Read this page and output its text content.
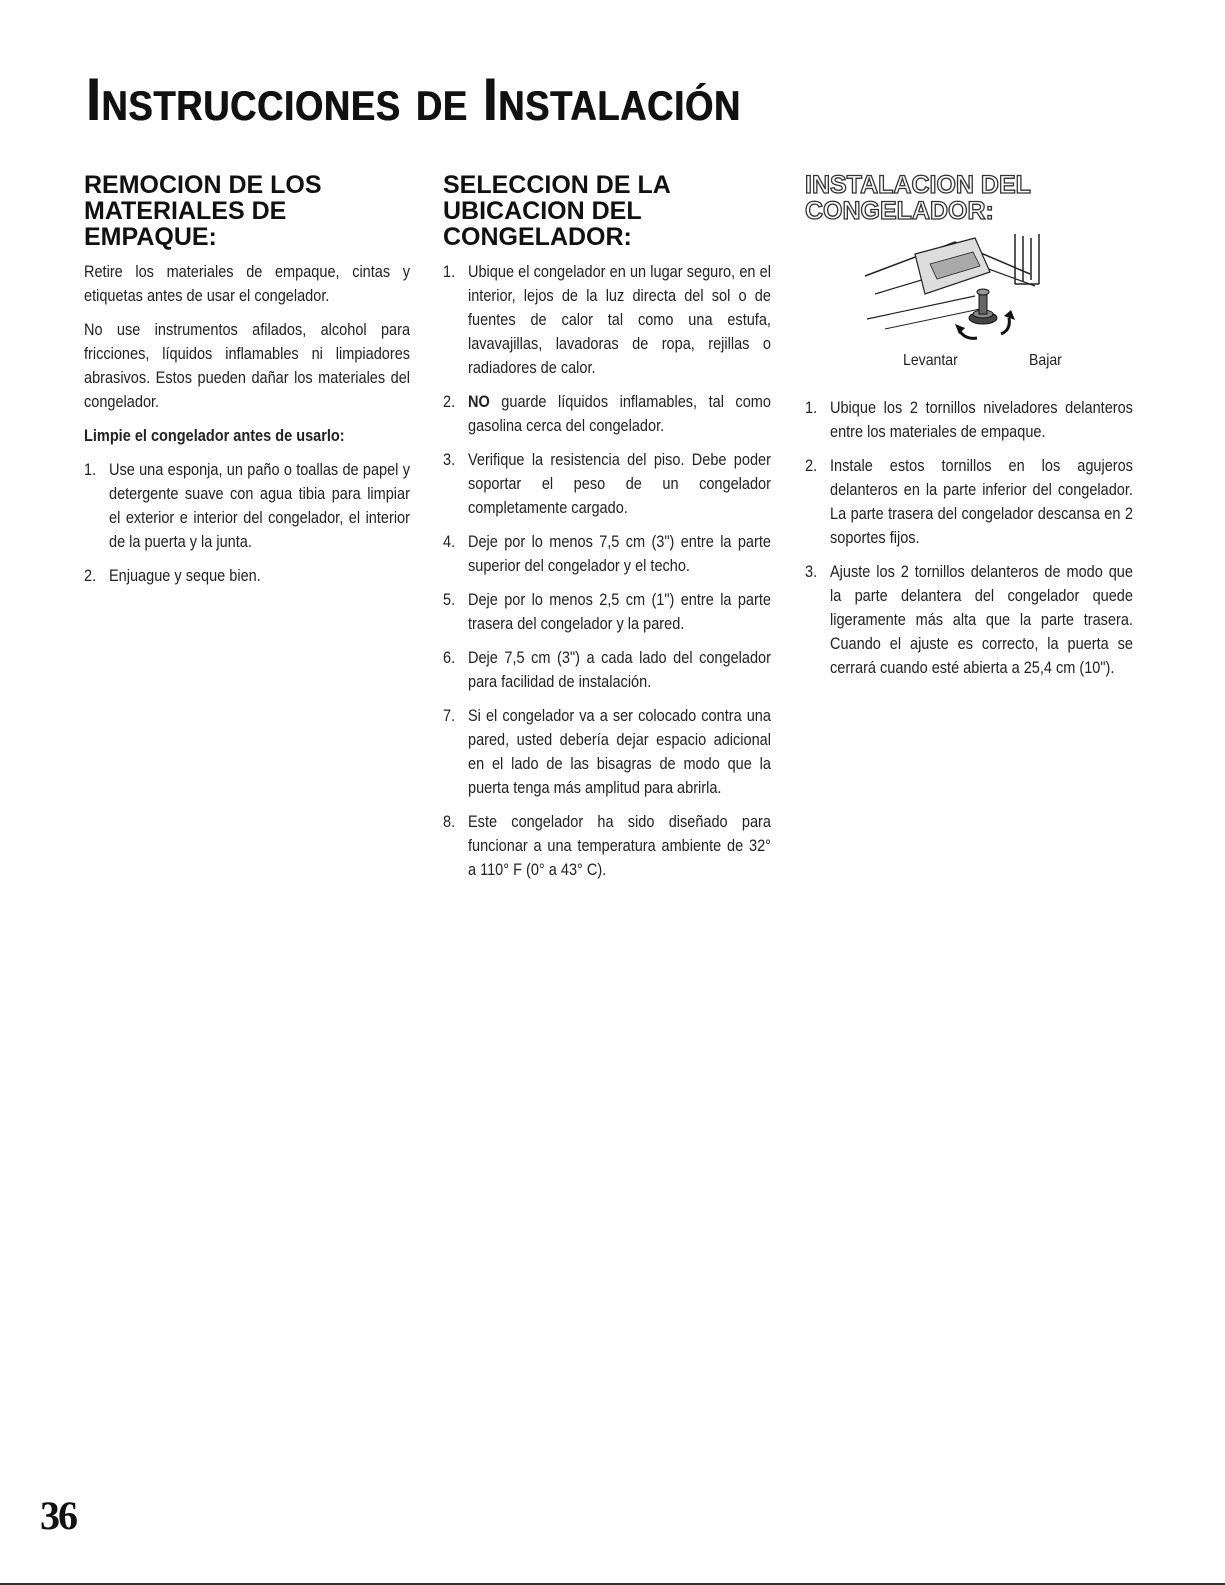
Instrucciones de Instalación
REMOCION DE LOS MATERIALES DE EMPAQUE:

Retire los materiales de empaque, cintas y etiquetas antes de usar el congelador.

No use instrumentos afilados, alcohol para fricciones, líquidos inflamables ni limpiadores abrasivos. Estos pueden dañar los materiales del congelador.

Limpie el congelador antes de usarlo:

1. Use una esponja, un paño o toallas de papel y detergente suave con agua tibia para limpiar el exterior e interior del congelador, el interior de la puerta y la junta.
2. Enjuague y seque bien.
SELECCION DE LA UBICACION DEL CONGELADOR:
1. Ubique el congelador en un lugar seguro, en el interior, lejos de la luz directa del sol o de fuentes de calor tal como una estufa, lavavajillas, lavadoras de ropa, rejillas o radiadores de calor.
2. NO guarde líquidos inflamables, tal como gasolina cerca del congelador.
3. Verifique la resistencia del piso. Debe poder soportar el peso de un congelador completamente cargado.
4. Deje por lo menos 7,5 cm (3") entre la parte superior del congelador y el techo.
5. Deje por lo menos 2,5 cm (1") entre la parte trasera del congelador y la pared.
6. Deje 7,5 cm (3") a cada lado del congelador para facilidad de instalación.
7. Si el congelador va a ser colocado contra una pared, usted debería dejar espacio adicional en el lado de las bisagras de modo que la puerta tenga más amplitud para abrirla.
8. Este congelador ha sido diseñado para funcionar a una temperatura ambiente de 32° a 110° F (0° a 43° C).
INSTALACION DEL CONGELADOR:
Levantar	Bajar
1. Ubique los 2 tornillos niveladores delanteros entre los materiales de empaque.
2. Instale estos tornillos en los agujeros delanteros en la parte inferior del congelador. La parte trasera del congelador descansa en 2 soportes fijos.
3. Ajuste los 2 tornillos delanteros de modo que la parte delantera del congelador quede ligeramente más alta que la parte trasera. Cuando el ajuste es correcto, la puerta se cerrará cuando esté abierta a 25,4 cm (10").
36
